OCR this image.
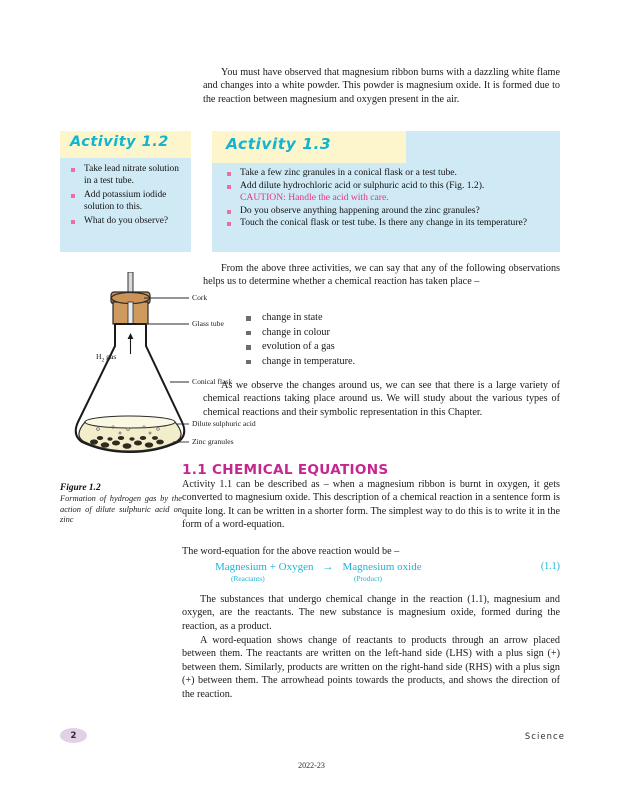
You must have observed that magnesium ribbon burns with a dazzling white flame and changes into a white powder. This powder is magnesium oxide. It is formed due to the reaction between magnesium and oxygen present in the air.

Activity 1.2
Take lead nitrate solution in a test tube.
Add potassium iodide solution to this.
What do you observe?
Activity 1.3
Take a few zinc granules in a conical flask or a test tube.
Add dilute hydrochloric acid or sulphuric acid to this (Fig. 1.2).
CAUTION: Handle the acid with care.
Do you observe anything happening around the zinc granules?
Touch the conical flask or test tube. Is there any change in its temperature?

From the above three activities, we can say that any of the following observations helps us to determine whether a chemical reaction has taken place –

change in state
change in colour
evolution of a gas
change in temperature.

As we observe the changes around us, we can see that there is a large variety of chemical reactions taking place around us. We will study about the various types of chemical reactions and their symbolic representation in this Chapter.

Cork
Glass tube
Conical flask
Dilute sulphuric acid
Zinc granules
$H_2$ gas
Figure 1.2
Formation of hydrogen gas by the action of dilute sulphuric acid on zinc
1.1 CHEMICAL EQUATIONS

Activity 1.1 can be described as – when a magnesium ribbon is burnt in oxygen, it gets converted to magnesium oxide. This description of a chemical reaction in a sentence form is quite long. It can be written in a shorter form. The simplest way to do this is to write it in the form of a word-equation.

The word-equation for the above reaction would be –

Magnesium + Oxygen → Magnesium oxide
(Reactants)	(Product)
(1.1)

The substances that undergo chemical change in the reaction (1.1), magnesium and oxygen, are the reactants. The new substance is magnesium oxide, formed during the reaction, as a product.

A word-equation shows change of reactants to products through an arrow placed between them. The reactants are written on the left-hand side (LHS) with a plus sign (+) between them. Similarly, products are written on the right-hand side (RHS) with a plus sign (+) between them. The arrowhead points towards the products, and shows the direction of the reaction.

2	Science
2022-23
